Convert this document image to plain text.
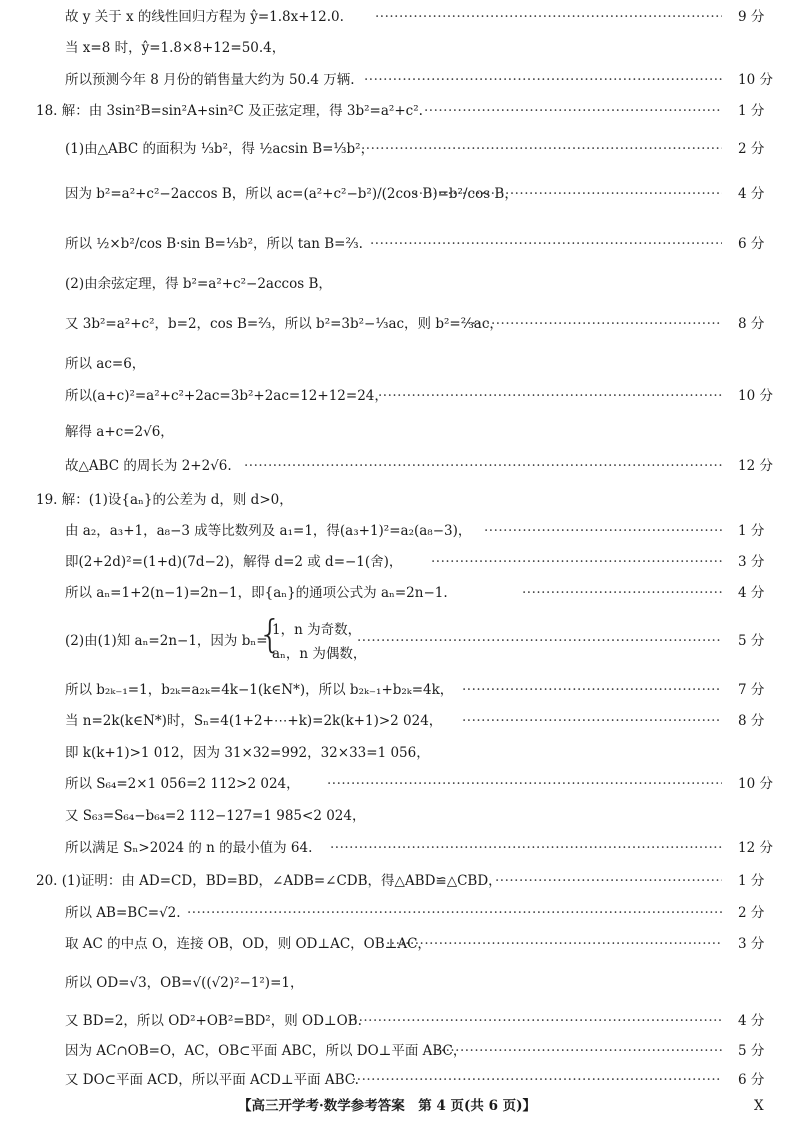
故 y 关于 x 的线性回归方程为 ŷ=1.8x+12.0. ·····	9 分
当 x=8 时，ŷ=1.8×8+12=50.4，
所以预测今年 8 月份的销售量大约为 50.4 万辆. ·····	10 分
18. 解：由 3sin²B=sin²A+sin²C 及正弦定理，得 3b²=a²+c². ·····	1 分
(1)由△ABC 的面积为 ⅓b²，得 ½acsin B=⅓b²， ·····	2 分
因为 b²=a²+c²−2accos B，所以 ac=(a²+c²−b²)/(2cos B)=b²/cos B， ·····	4 分
所以 ½×b²/cos B·sin B=⅓b²，所以 tan B=⅔. ·····	6 分
(2)由余弦定理，得 b²=a²+c²−2accos B，
又 3b²=a²+c²，b=2，cos B=⅔，所以 b²=3b²−⅓ac，则 b²=⅔ac， ·····	8 分
所以 ac=6，
所以(a+c)²=a²+c²+2ac=3b²+2ac=12+12=24， ·····	10 分
解得 a+c=2√6，
故△ABC 的周长为 2+2√6. ·····	12 分
19. 解：(1)设{aₙ}的公差为 d，则 d>0，
由 a₂，a₃+1，a₈−3 成等比数列及 a₁=1，得(a₃+1)²=a₂(a₈−3)， ·····	1 分
即(2+2d)²=(1+d)(7d−2)，解得 d=2 或 d=−1(舍)， ·····	3 分
所以 aₙ=1+2(n−1)=2n−1，即{aₙ}的通项公式为 aₙ=2n−1. ·····	4 分
(2)由(1)知 aₙ=2n−1，因为 bₙ= ·····	5 分
{
1，n 为奇数，
aₙ，n 为偶数，
所以 b₂ₖ₋₁=1，b₂ₖ=a₂ₖ=4k−1(k∈N*)，所以 b₂ₖ₋₁+b₂ₖ=4k， ·····	7 分
当 n=2k(k∈N*)时，Sₙ=4(1+2+⋯+k)=2k(k+1)>2 024， ·····	8 分
即 k(k+1)>1 012，因为 31×32=992，32×33=1 056，
所以 S₆₄=2×1 056=2 112>2 024， ·····	10 分
又 S₆₃=S₆₄−b₆₄=2 112−127=1 985<2 024，
所以满足 Sₙ>2024 的 n 的最小值为 64. ·····	12 分
20. (1)证明：由 AD=CD，BD=BD，∠ADB=∠CDB，得△ABD≌△CBD， ·····	1 分
所以 AB=BC=√2. ·····	2 分
取 AC 的中点 O，连接 OB，OD，则 OD⊥AC，OB⊥AC， ·····	3 分
所以 OD=√3，OB=√((√2)²−1²)=1，
又 BD=2，所以 OD²+OB²=BD²，则 OD⊥OB. ·····	4 分
因为 AC∩OB=O，AC，OB⊂平面 ABC，所以 DO⊥平面 ABC， ·····	5 分
又 DO⊂平面 ACD，所以平面 ACD⊥平面 ABC. ·····	6 分
【高三开学考·数学参考答案　第 4 页(共 6 页)】	X
